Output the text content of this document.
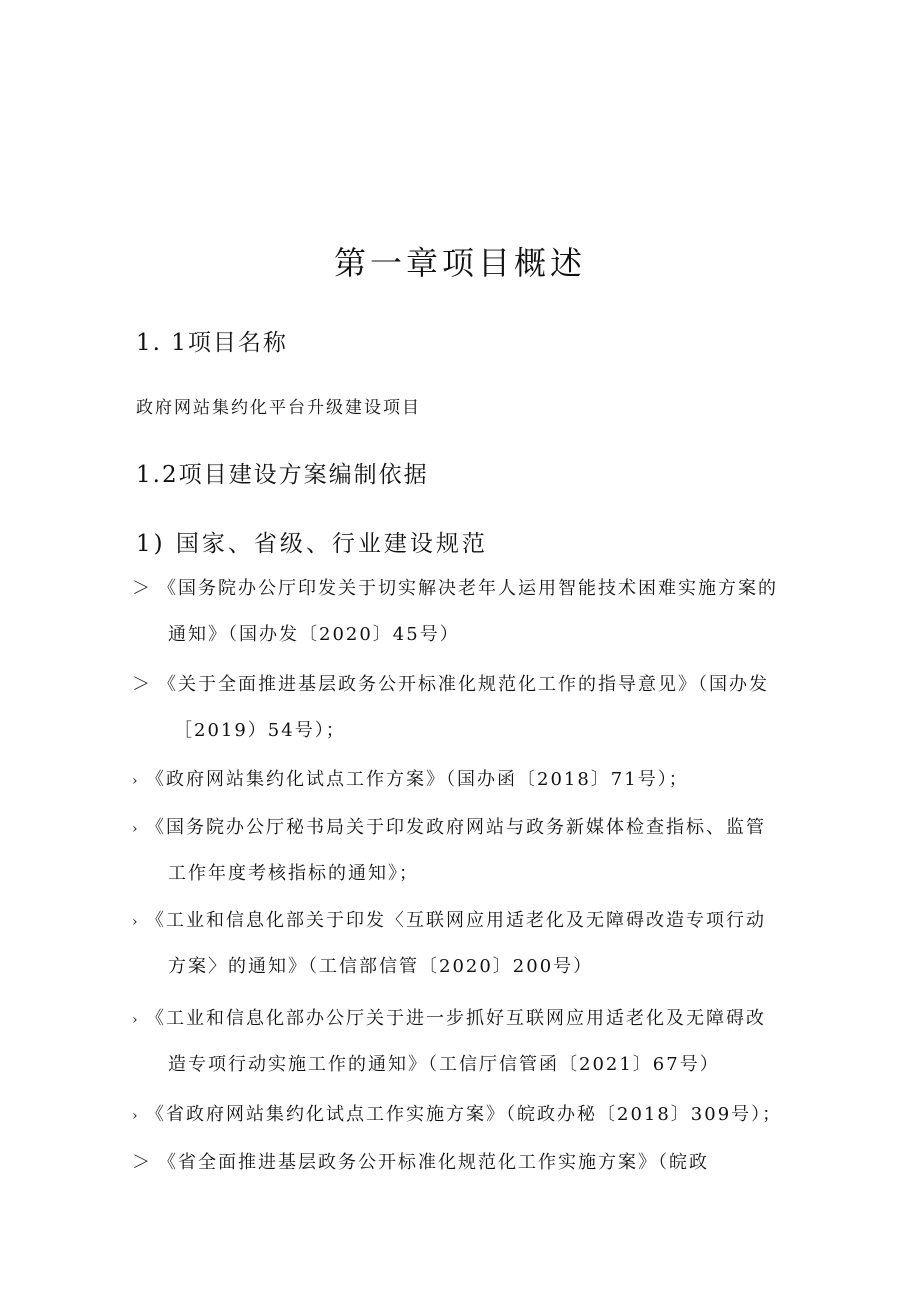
第一章项目概述
1. 1项目名称
政府网站集约化平台升级建设项目
1.2项目建设方案编制依据
1) 国家、省级、行业建设规范
＞ 《国务院办公厅印发关于切实解决老年人运用智能技术困难实施方案的
通知》（国办发〔2020〕45号）
＞ 《关于全面推进基层政务公开标准化规范化工作的指导意见》（国办发
［2019）54号）；
› 《政府网站集约化试点工作方案》（国办函〔2018〕71号）；
› 《国务院办公厅秘书局关于印发政府网站与政务新媒体检查指标、监管
工作年度考核指标的通知》；
› 《工业和信息化部关于印发〈互联网应用适老化及无障碍改造专项行动
方案〉的通知》（工信部信管〔2020〕200号）
› 《工业和信息化部办公厅关于进一步抓好互联网应用适老化及无障碍改
造专项行动实施工作的通知》（工信厅信管函〔2021〕67号）
› 《省政府网站集约化试点工作实施方案》（皖政办秘〔2018〕309号）；
＞ 《省全面推进基层政务公开标准化规范化工作实施方案》（皖政
